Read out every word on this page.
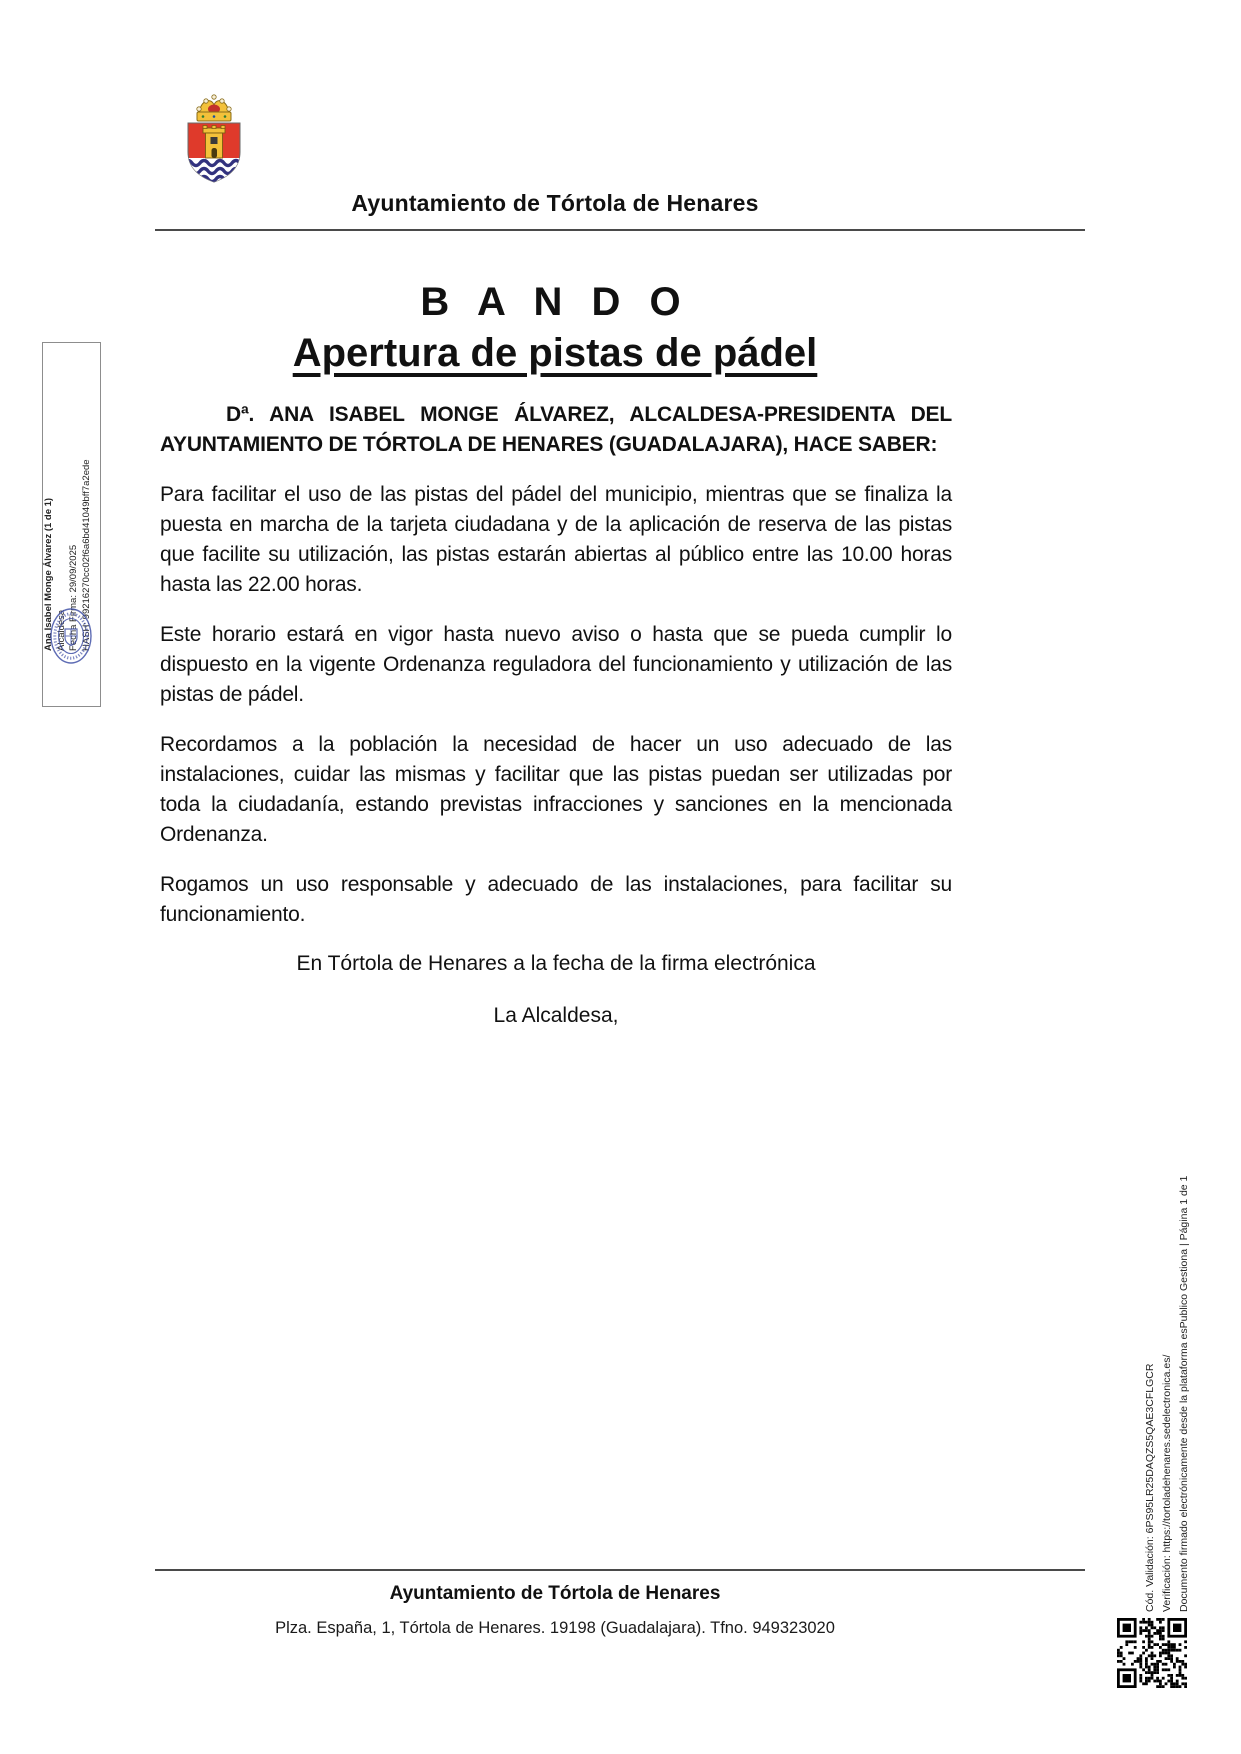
Ayuntamiento de Tórtola de Henares
B A N D O
Apertura de pistas de pádel

Dª. ANA ISABEL MONGE ÁLVAREZ, ALCALDESA-PRESIDENTA DEL AYUNTAMIENTO DE TÓRTOLA DE HENARES (GUADALAJARA), HACE SABER:

Para facilitar el uso de las pistas del pádel del municipio, mientras que se finaliza la puesta en marcha de la tarjeta ciudadana y de la aplicación de reserva de las pistas que facilite su utilización, las pistas estarán abiertas al público entre las 10.00 horas hasta las 22.00 horas.

Este horario estará en vigor hasta nuevo aviso o hasta que se pueda cumplir lo dispuesto en la vigente Ordenanza reguladora del funcionamiento y utilización de las pistas de pádel.

Recordamos a la población la necesidad de hacer un uso adecuado de las instalaciones, cuidar las mismas y facilitar que las pistas puedan ser utilizadas por toda la ciudadanía, estando previstas infracciones y sanciones en la mencionada Ordenanza.

Rogamos un uso responsable y adecuado de las instalaciones, para facilitar su funcionamiento.

En Tórtola de Henares a la fecha de la firma electrónica
La Alcaldesa,
Ana Isabel Monge Álvarez (1 de 1) Alcaldesa Fecha Firma: 29/09/2025 HASH: 99216270cc02f6a6bd41049bff7a2ede
Cód. Validación: 6PS95LR25DAQZS5QAE3CFLGCR Verificación: https://tortoladehenares.sedelectronica.es/ Documento firmado electrónicamente desde la plataforma esPublico Gestiona | Página 1 de 1
Ayuntamiento de Tórtola de Henares
Plza. España, 1, Tórtola de Henares. 19198 (Guadalajara). Tfno. 949323020
